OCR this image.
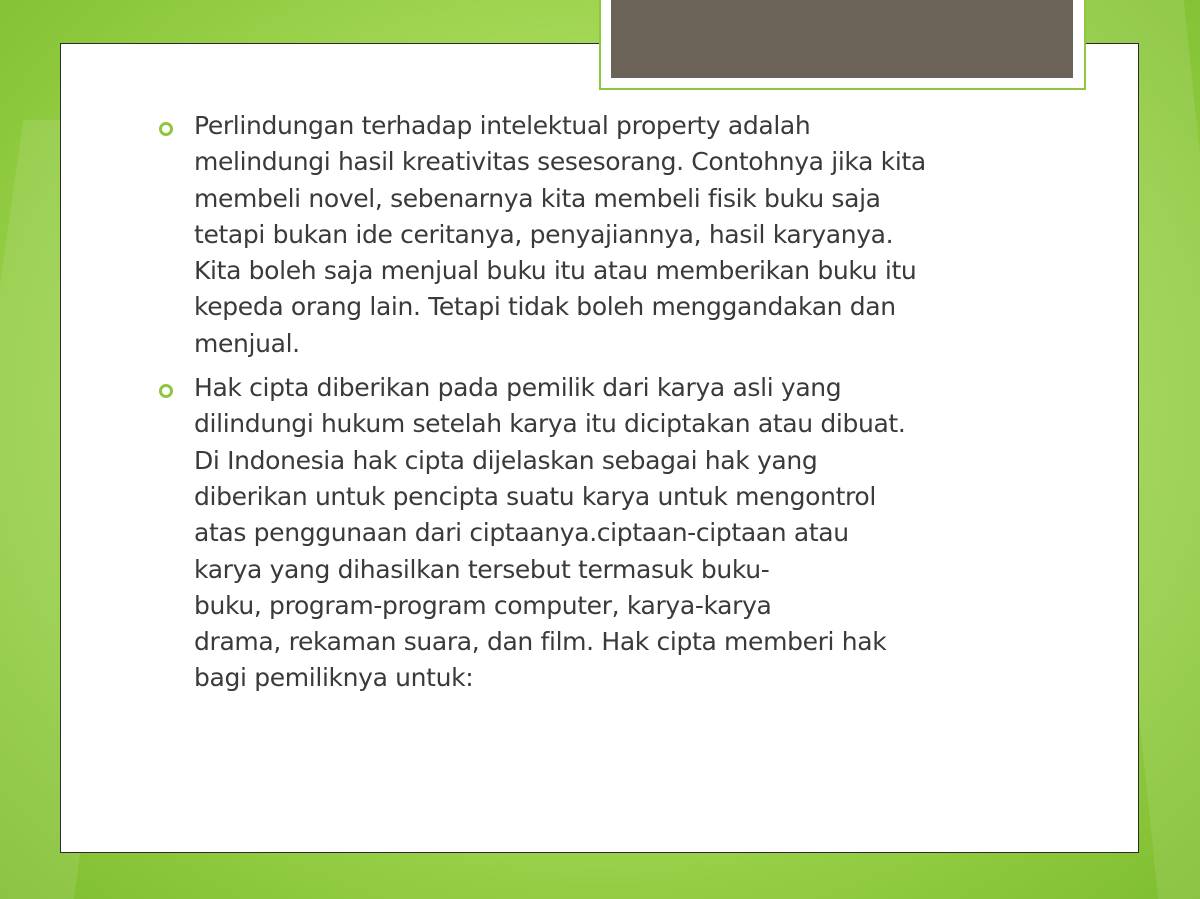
Perlindungan terhadap intelektual property adalah
melindungi hasil kreativitas sesesorang. Contohnya jika kita
membeli novel, sebenarnya kita membeli fisik buku saja
tetapi bukan ide ceritanya, penyajiannya, hasil karyanya.
Kita boleh saja menjual buku itu atau memberikan buku itu
kepeda orang lain. Tetapi tidak boleh menggandakan dan
menjual.

Hak cipta diberikan pada pemilik dari karya asli yang
dilindungi hukum setelah karya itu diciptakan atau dibuat.
Di Indonesia hak cipta dijelaskan sebagai hak yang
diberikan untuk pencipta suatu karya untuk mengontrol
atas penggunaan dari ciptaanya.ciptaan-ciptaan atau
karya yang dihasilkan tersebut termasuk buku-
buku, program-program computer, karya-karya
drama, rekaman suara, dan film. Hak cipta memberi hak
bagi pemiliknya untuk:
